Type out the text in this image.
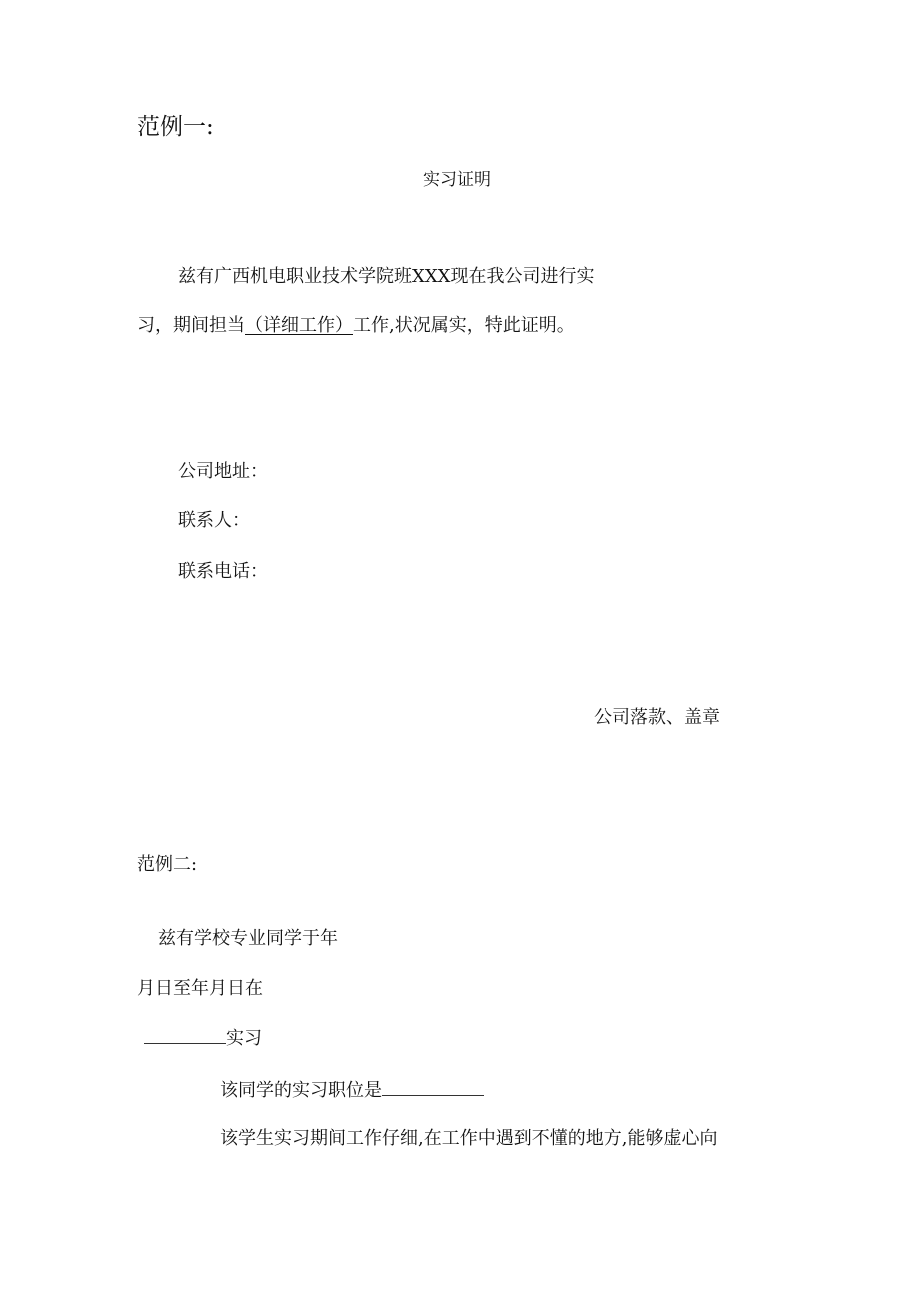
范例一:
实习证明
兹有广西机电职业技术学院班XXX现在我公司进行实
习，期间担当（详细工作）工作,状况属实，特此证明。
公司地址：
联系人：
联系电话：
公司落款、盖章
范例二:
兹有学校专业同学于年
月日至年月日在
实习
该同学的实习职位是
该学生实习期间工作仔细,在工作中遇到不懂的地方,能够虚心向
